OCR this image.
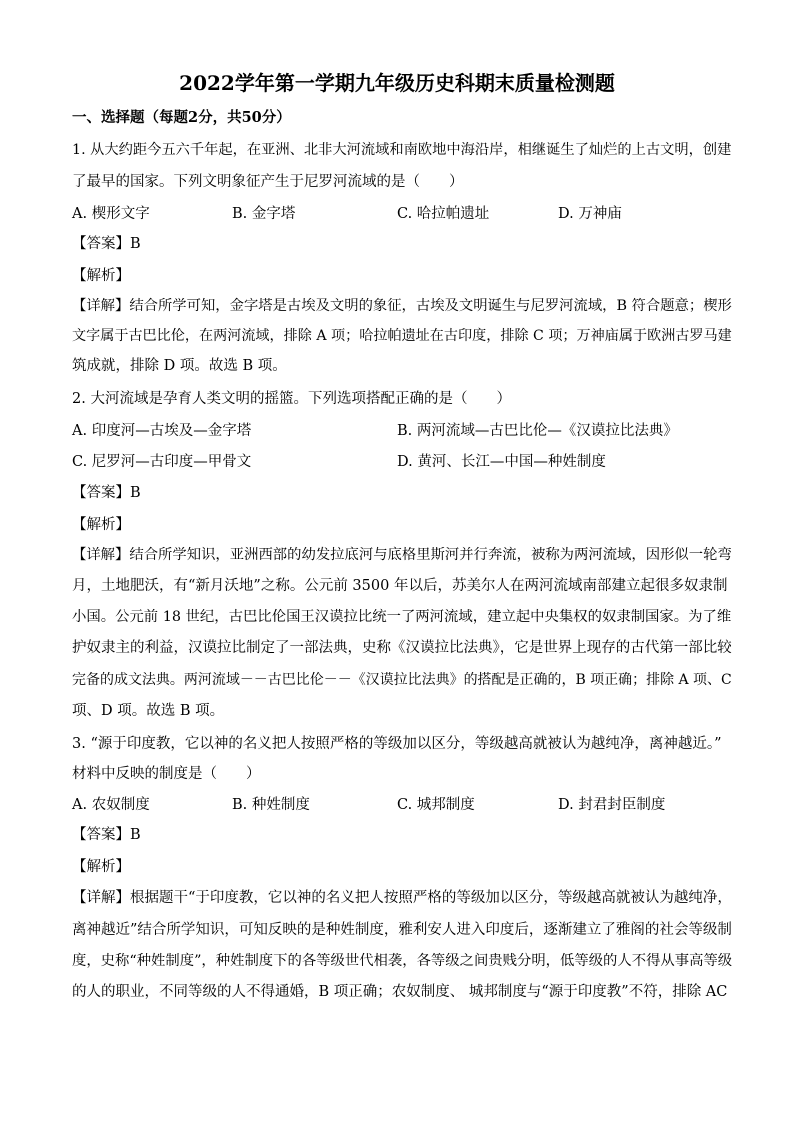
2022学年第一学期九年级历史科期末质量检测题
一、选择题（每题2分，共50分）
1. 从大约距今五六千年起，在亚洲、北非大河流域和南欧地中海沿岸，相继诞生了灿烂的上古文明，创建
了最早的国家。下列文明象征产生于尼罗河流域的是（　　）
A. 楔形文字	B. 金字塔	C. 哈拉帕遗址	D. 万神庙
【答案】B
【解析】
【详解】结合所学可知，金字塔是古埃及文明的象征，古埃及文明诞生与尼罗河流域，B 符合题意；楔形
文字属于古巴比伦，在两河流域，排除 A 项；哈拉帕遗址在古印度，排除 C 项；万神庙属于欧洲古罗马建
筑成就，排除 D 项。故选 B 项。
2. 大河流域是孕育人类文明的摇篮。下列选项搭配正确的是（　　）
A. 印度河—古埃及—金字塔	B. 两河流域—古巴比伦—《汉谟拉比法典》
C. 尼罗河—古印度—甲骨文	D. 黄河、长江—中国—种姓制度
【答案】B
【解析】
【详解】结合所学知识，亚洲西部的幼发拉底河与底格里斯河并行奔流，被称为两河流域，因形似一轮弯
月，土地肥沃，有“新月沃地”之称。公元前 3500 年以后，苏美尔人在两河流域南部建立起很多奴隶制
小国。公元前 18 世纪，古巴比伦国王汉谟拉比统一了两河流域，建立起中央集权的奴隶制国家。为了维
护奴隶主的利益，汉谟拉比制定了一部法典，史称《汉谟拉比法典》，它是世界上现存的古代第一部比较
完备的成文法典。两河流域－－古巴比伦－－《汉谟拉比法典》的搭配是正确的，B 项正确；排除 A 项、C
项、D 项。故选 B 项。
3. “源于印度教，它以神的名义把人按照严格的等级加以区分，等级越高就被认为越纯净，离神越近。”
材料中反映的制度是（　　）
A. 农奴制度	B. 种姓制度	C. 城邦制度	D. 封君封臣制度
【答案】B
【解析】
【详解】根据题干“于印度教，它以神的名义把人按照严格的等级加以区分，等级越高就被认为越纯净，
离神越近”结合所学知识，可知反映的是种姓制度，雅利安人进入印度后，逐渐建立了雅阁的社会等级制
度，史称“种姓制度”，种姓制度下的各等级世代相袭，各等级之间贵贱分明，低等级的人不得从事高等级
的人的职业，不同等级的人不得通婚，B 项正确；农奴制度、 城邦制度与“源于印度教”不符，排除 AC
